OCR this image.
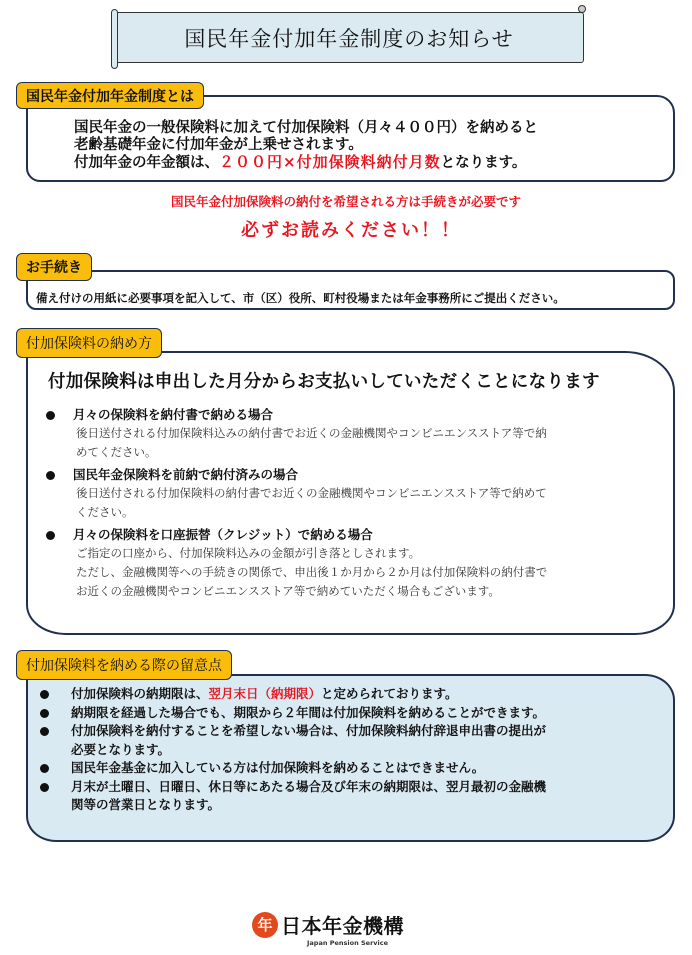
国民年金付加年金制度のお知らせ
国民年金付加年金制度とは
国民年金の一般保険料に加えて付加保険料（月々４００円）を納めると
老齢基礎年金に付加年金が上乗せされます。
付加年金の年金額は、２００円×付加保険料納付月数となります。
国民年金付加保険料の納付を希望される方は手続きが必要です
必ずお読みください！！
お手続き
備え付けの用紙に必要事項を記入して、市（区）役所、町村役場または年金事務所にご提出ください。
付加保険料の納め方
付加保険料は申出した月分からお支払いしていただくことになります
月々の保険料を納付書で納める場合
後日送付される付加保険料込みの納付書でお近くの金融機関やコンビニエンスストア等で納
めてください。
国民年金保険料を前納で納付済みの場合
後日送付される付加保険料の納付書でお近くの金融機関やコンビニエンスストア等で納めて
ください。
月々の保険料を口座振替（クレジット）で納める場合
ご指定の口座から、付加保険料込みの金額が引き落としされます。
ただし、金融機関等への手続きの関係で、申出後１か月から２か月は付加保険料の納付書で
お近くの金融機関やコンビニエンスストア等で納めていただく場合もございます。
付加保険料を納める際の留意点
付加保険料の納期限は、翌月末日（納期限）と定められております。
納期限を経過した場合でも、期限から２年間は付加保険料を納めることができます。
付加保険料を納付することを希望しない場合は、付加保険料納付辞退申出書の提出が
必要となります。
国民年金基金に加入している方は付加保険料を納めることはできません。
月末が土曜日、日曜日、休日等にあたる場合及び年末の納期限は、翌月最初の金融機
関等の営業日となります。
年 日本年金機構
Japan Pension Service
